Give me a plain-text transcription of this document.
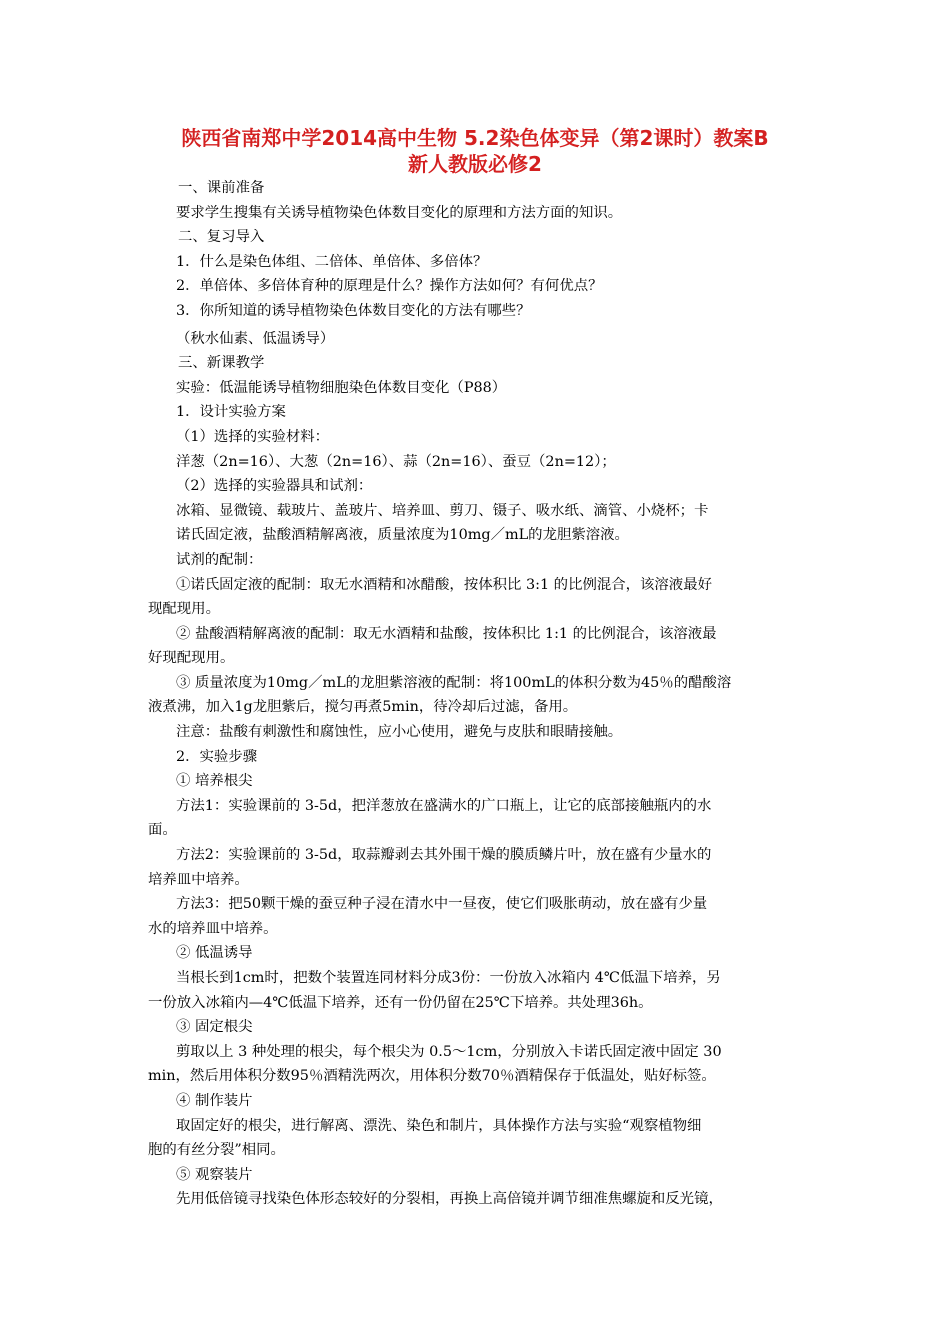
陕西省南郑中学2014高中生物 5.2染色体变异（第2课时）教案B
新人教版必修2

一、课前准备

要求学生搜集有关诱导植物染色体数目变化的原理和方法方面的知识。

二、复习导入

1．什么是染色体组、二倍体、单倍体、多倍体？

2．单倍体、多倍体育种的原理是什么？操作方法如何？有何优点？

3．你所知道的诱导植物染色体数目变化的方法有哪些？

（秋水仙素、低温诱导）

三、新课教学

实验：低温能诱导植物细胞染色体数目变化（P88）

1．设计实验方案

（1）选择的实验材料：

洋葱（2n=16）、大葱（2n=16）、蒜（2n=16）、蚕豆（2n=12）；

（2）选择的实验器具和试剂：

冰箱、显微镜、载玻片、盖玻片、培养皿、剪刀、镊子、吸水纸、滴管、小烧杯；卡

诺氏固定液，盐酸酒精解离液，质量浓度为10mg／mL的龙胆紫溶液。

试剂的配制：

①诺氏固定液的配制：取无水酒精和冰醋酸，按体积比 3:1 的比例混合，该溶液最好

现配现用。

② 盐酸酒精解离液的配制：取无水酒精和盐酸，按体积比 1:1 的比例混合，该溶液最

好现配现用。

③ 质量浓度为10mg／mL的龙胆紫溶液的配制：将100mL的体积分数为45％的醋酸溶

液煮沸，加入1g龙胆紫后，搅匀再煮5min，待冷却后过滤，备用。

注意：盐酸有刺激性和腐蚀性，应小心使用，避免与皮肤和眼睛接触。

2．实验步骤

① 培养根尖

方法1：实验课前的 3-5d，把洋葱放在盛满水的广口瓶上，让它的底部接触瓶内的水

面。

方法2：实验课前的 3-5d，取蒜瓣剥去其外围干燥的膜质鳞片叶，放在盛有少量水的

培养皿中培养。

方法3：把50颗干燥的蚕豆种子浸在清水中一昼夜，使它们吸胀萌动，放在盛有少量

水的培养皿中培养。

② 低温诱导

当根长到1cm时，把数个装置连同材料分成3份：一份放入冰箱内 4℃低温下培养，另

一份放入冰箱内—4℃低温下培养，还有一份仍留在25℃下培养。共处理36h。

③ 固定根尖

剪取以上 3 种处理的根尖，每个根尖为 0.5～1cm，分别放入卡诺氏固定液中固定 30

min，然后用体积分数95％酒精洗两次，用体积分数70％酒精保存于低温处，贴好标签。

④ 制作装片

取固定好的根尖，进行解离、漂洗、染色和制片，具体操作方法与实验“观察植物细

胞的有丝分裂”相同。

⑤ 观察装片

先用低倍镜寻找染色体形态较好的分裂相，再换上高倍镜并调节细准焦螺旋和反光镜，
